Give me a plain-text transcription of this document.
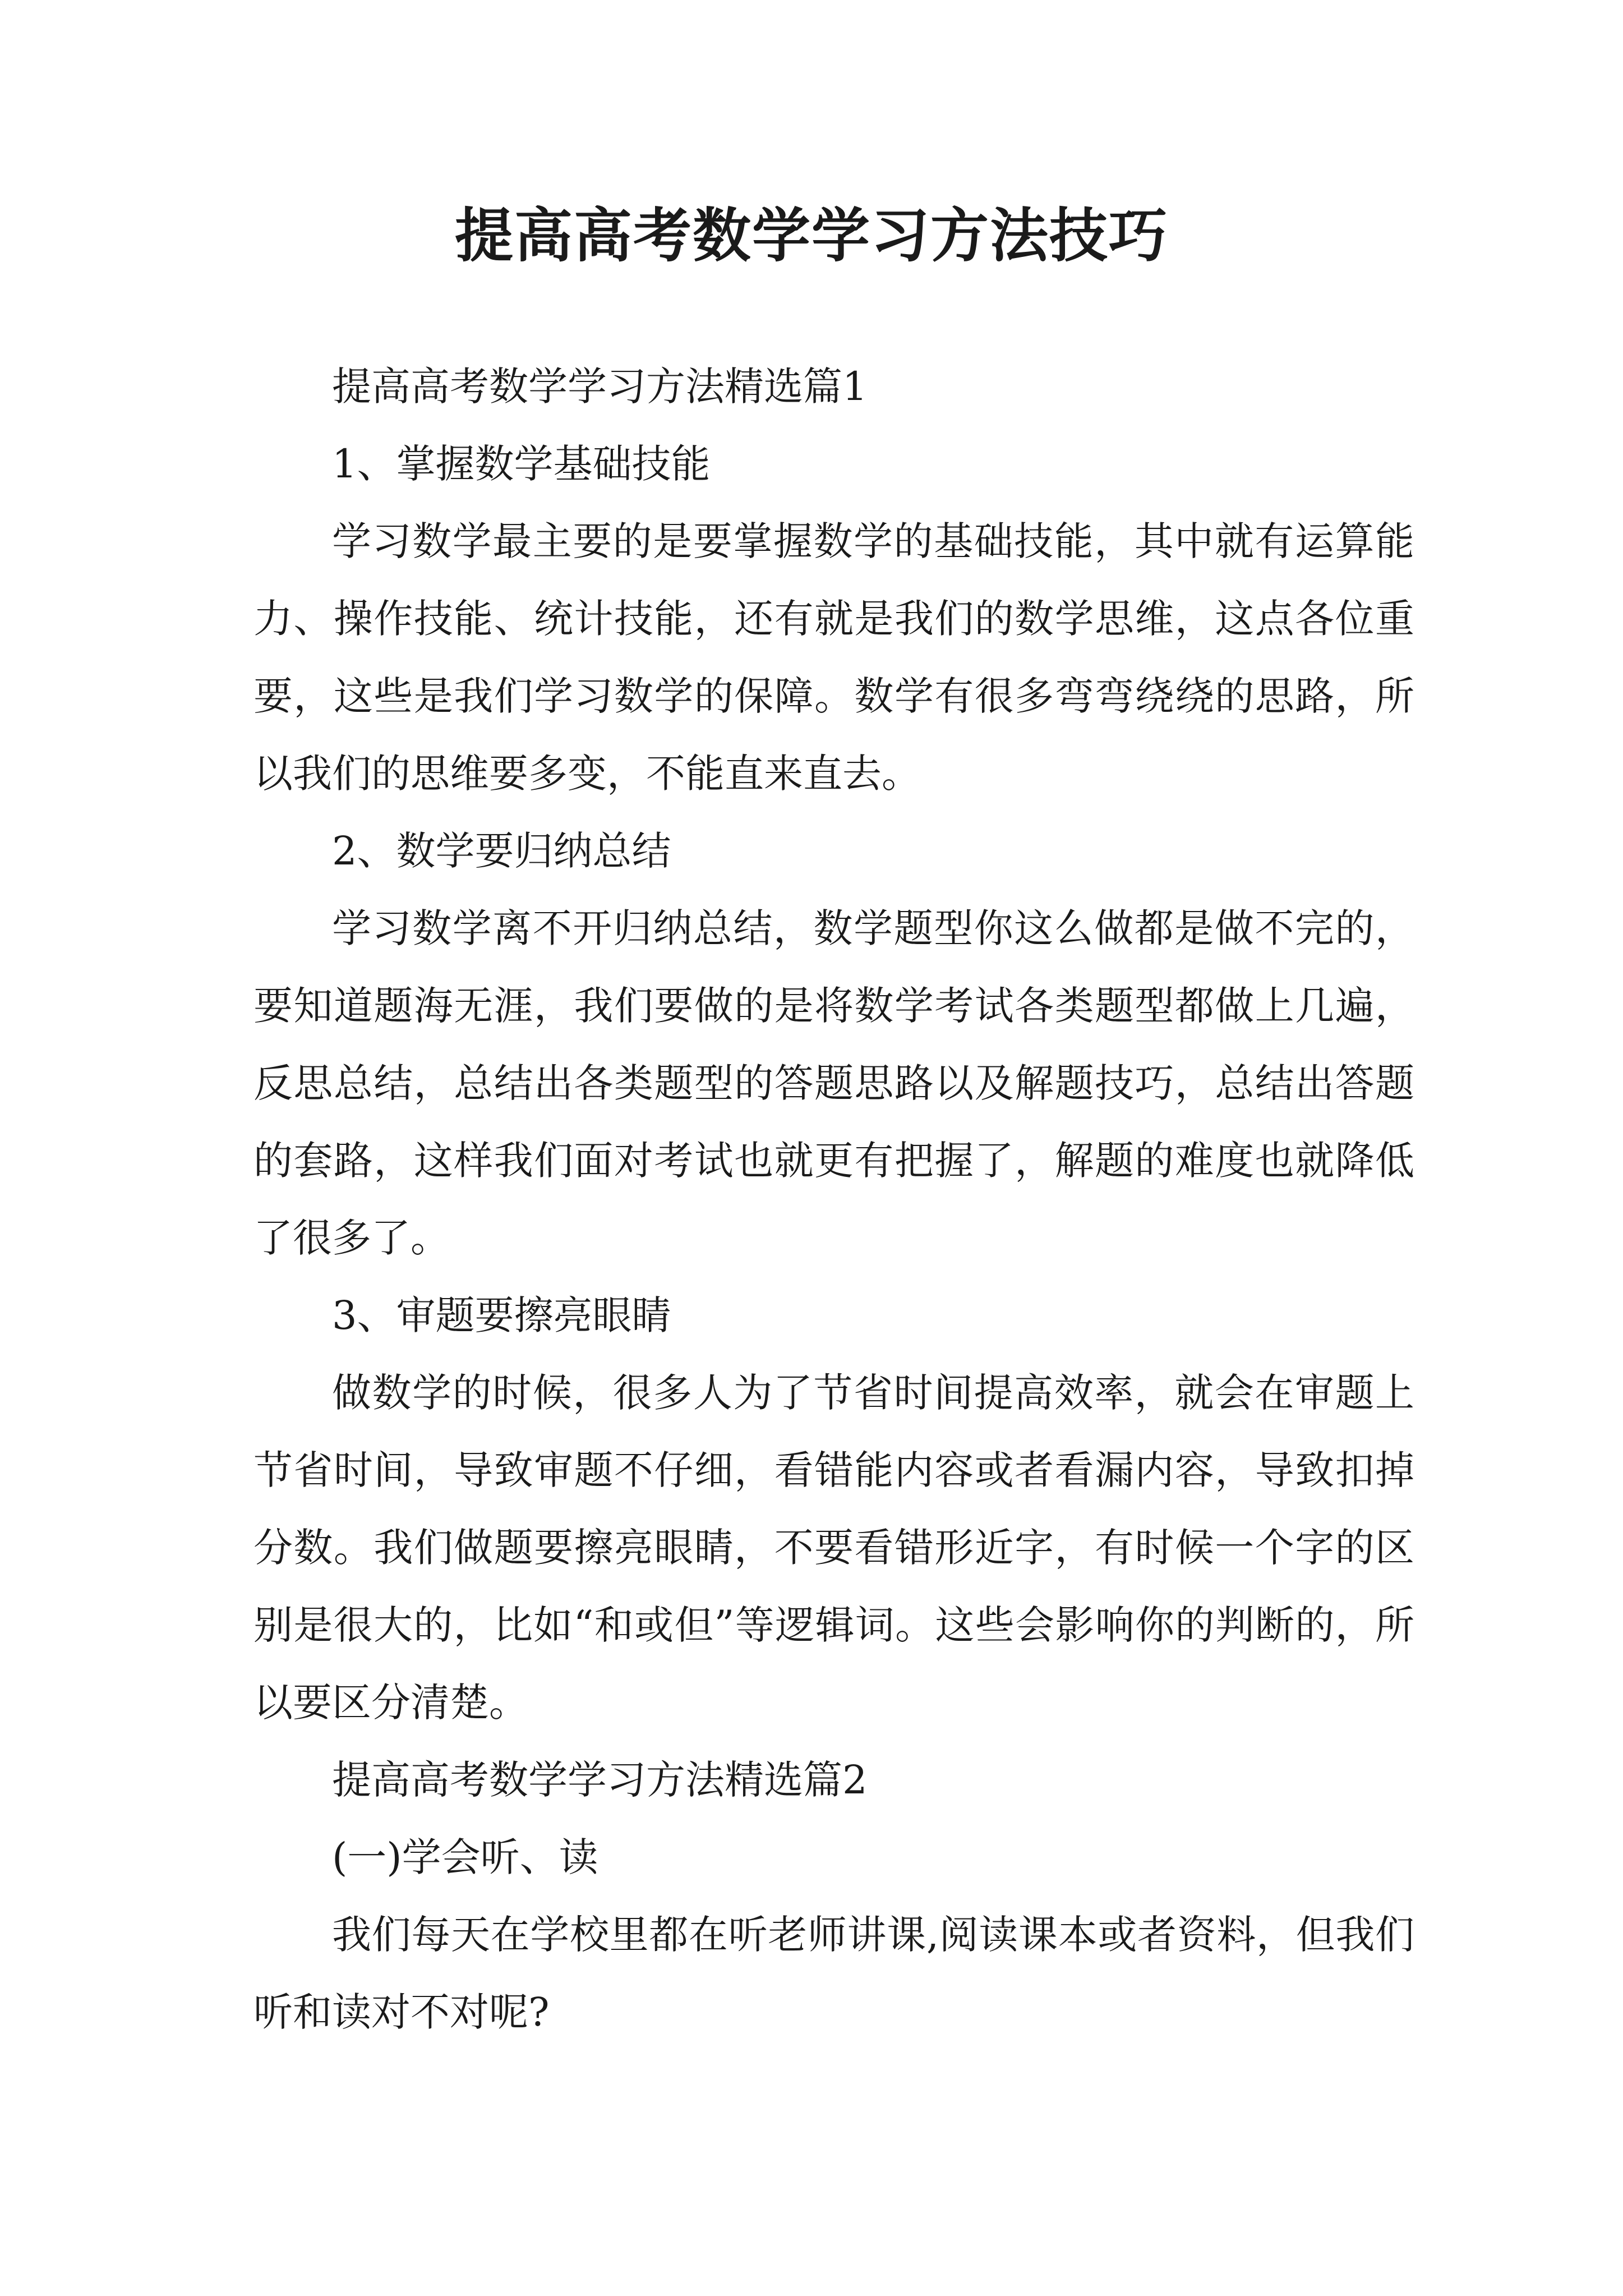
提高高考数学学习方法技巧

提高高考数学学习方法精选篇1

1、掌握数学基础技能

学习数学最主要的是要掌握数学的基础技能，其中就有运算能力、操作技能、统计技能，还有就是我们的数学思维，这点各位重要，这些是我们学习数学的保障。数学有很多弯弯绕绕的思路，所以我们的思维要多变，不能直来直去。

2、数学要归纳总结

学习数学离不开归纳总结，数学题型你这么做都是做不完的，要知道题海无涯，我们要做的是将数学考试各类题型都做上几遍，反思总结，总结出各类题型的答题思路以及解题技巧，总结出答题的套路，这样我们面对考试也就更有把握了，解题的难度也就降低了很多了。

3、审题要擦亮眼睛

做数学的时候，很多人为了节省时间提高效率，就会在审题上节省时间，导致审题不仔细，看错能内容或者看漏内容，导致扣掉分数。我们做题要擦亮眼睛，不要看错形近字，有时候一个字的区别是很大的，比如“和或但”等逻辑词。这些会影响你的判断的，所以要区分清楚。

提高高考数学学习方法精选篇2

(一)学会听、读

我们每天在学校里都在听老师讲课,阅读课本或者资料，但我们听和读对不对呢?
